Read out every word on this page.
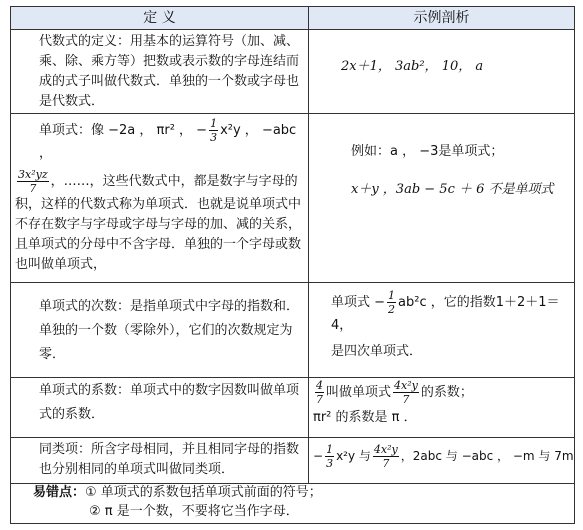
定 义	示例剖析

代数式的定义：用基本的运算符号（加、减、乘、除、乘方等）把数或表示数的字母连结而成的式子叫做代数式．单独的一个数或字母也是代数式．

2x＋1， 3ab²， 10， a

单项式：像 −2a ， πr² ， − $\frac{1}{3} x^2y$ ， −abc ，

$\frac{\text{3x²yz}}{7}$ ，……，这些代数式中，都是数字与字母的积，这样的代数式称为单项式．也就是说单项式中不存在数字与字母或字母与字母的加、减的关系，且单项式的分母中不含字母．单独的一个字母或数也叫做单项式，

例如：a ， −3是单项式；

x＋y ，3ab − 5c ＋ 6 不是单项式

单项式的次数：是指单项式中字母的指数和．单独的一个数（零除外），它们的次数规定为零．

单项式 − $\frac{1}{2} ab^2c$ ，它的指数1＋2＋1＝4，

是四次单项式．

单项式的系数：单项式中的数字因数叫做单项式的系数．

$\frac{4}{7}$ 叫做单项式 $\frac{\text{4x²y}}{7}$ 的系数；

πr² 的系数是 π ．

同类项：所含字母相同，并且相同字母的指数也分别相同的单项式叫做同类项．

− $\frac{1}{3} x^2y$ 与 $\frac{\text{4x²y}}{7}$ ，2abc 与 −abc ， −m 与 7m

易错点：① 单项式的系数包括单项式前面的符号；
② π 是一个数，不要将它当作字母．
